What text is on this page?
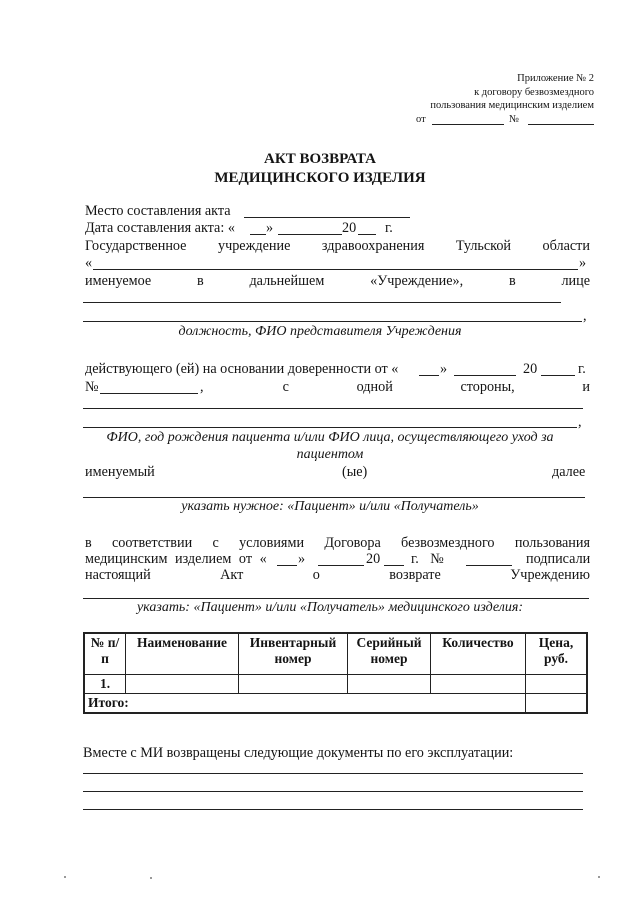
Приложение № 2
к договору безвозмездного
пользования медицинским изделием
от	№
АКТ ВОЗВРАТА
МЕДИЦИНСКОГО ИЗДЕЛИЯ
Место составления акта
Дата составления акта: « »	20 г.
Государственное учреждение здравоохранения Тульской области
«	»
именуемое	в	дальнейшем	«Учреждение»,	в	лице
,
должность, ФИО представителя Учреждения
действующего (ей) на основании доверенности от «	»	20	г.
№	,	с	одной	стороны,	и
,
ФИО, год рождения пациента и/или ФИО лица, осуществляющего уход за
пациентом
именуемый	(ые)	далее
указать нужное: «Пациент» и/или «Получатель»
в соответствии с условиями Договора безвозмездного пользования
медицинским изделием от « »	20 г. №	подписали
настоящий	Акт	о	возврате	Учреждению
указать: «Пациент» и/или «Получатель» медицинского изделия:
№ п/п	Наименование	Инвентарный номер	Серийный номер	Количество	Цена, руб.
1.					
Итого:					
Вместе с МИ возвращены следующие документы по его эксплуатации:
